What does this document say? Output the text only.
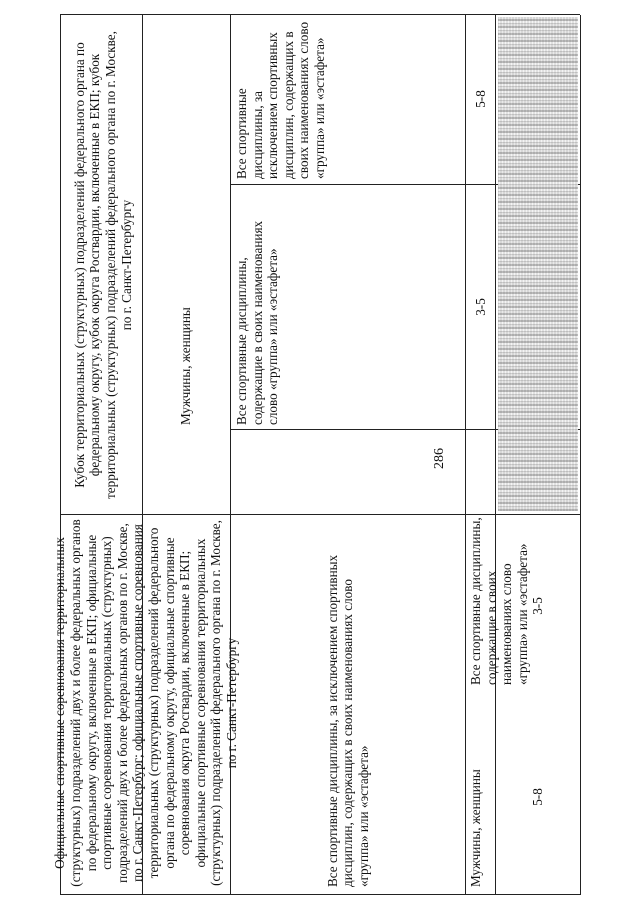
286
Кубок территориальных (структурных) подразделений федерального органа по федеральному округу, кубок округа Росгвардии, включенные в ЕКП; кубок территориальных (структурных) подразделений федерального органа по г. Москве, по г. Санкт-Петербургу
Мужчины, женщины
Все спортивные дисциплины, за исключением спортивных дисциплин, содержащих в своих наименованиях слово «группа» или «эстафета»
Все спортивные дисциплины, содержащие в своих наименованиях слово «группа» или «эстафета»
5-8
3-5
Официальные спортивные соревнования территориальных (структурных) подразделений двух и более федеральных органов по федеральному округу, включенные в ЕКП; официальные спортивные соревнования территориальных (структурных) подразделений двух и более федеральных органов по г. Москве, по г. Санкт-Петербург; официальные спортивные соревнования территориальных (структурных) подразделений федерального органа по федеральному округу, официальные спортивные соревнования округа Росгвардии, включенные в ЕКП; официальные спортивные соревнования территориальных (структурных) подразделений федерального органа по г. Москве, по г. Санкт-Петербургу	Все спортивные дисциплины, за исключением спортивных дисциплин, содержащих в своих наименованиях слово «группа» или «эстафета»	Мужчины, женщины
Все спортивные дисциплины, содержащие в своих наименованиях слово «группа» или «эстафета»
5-8
3-5
